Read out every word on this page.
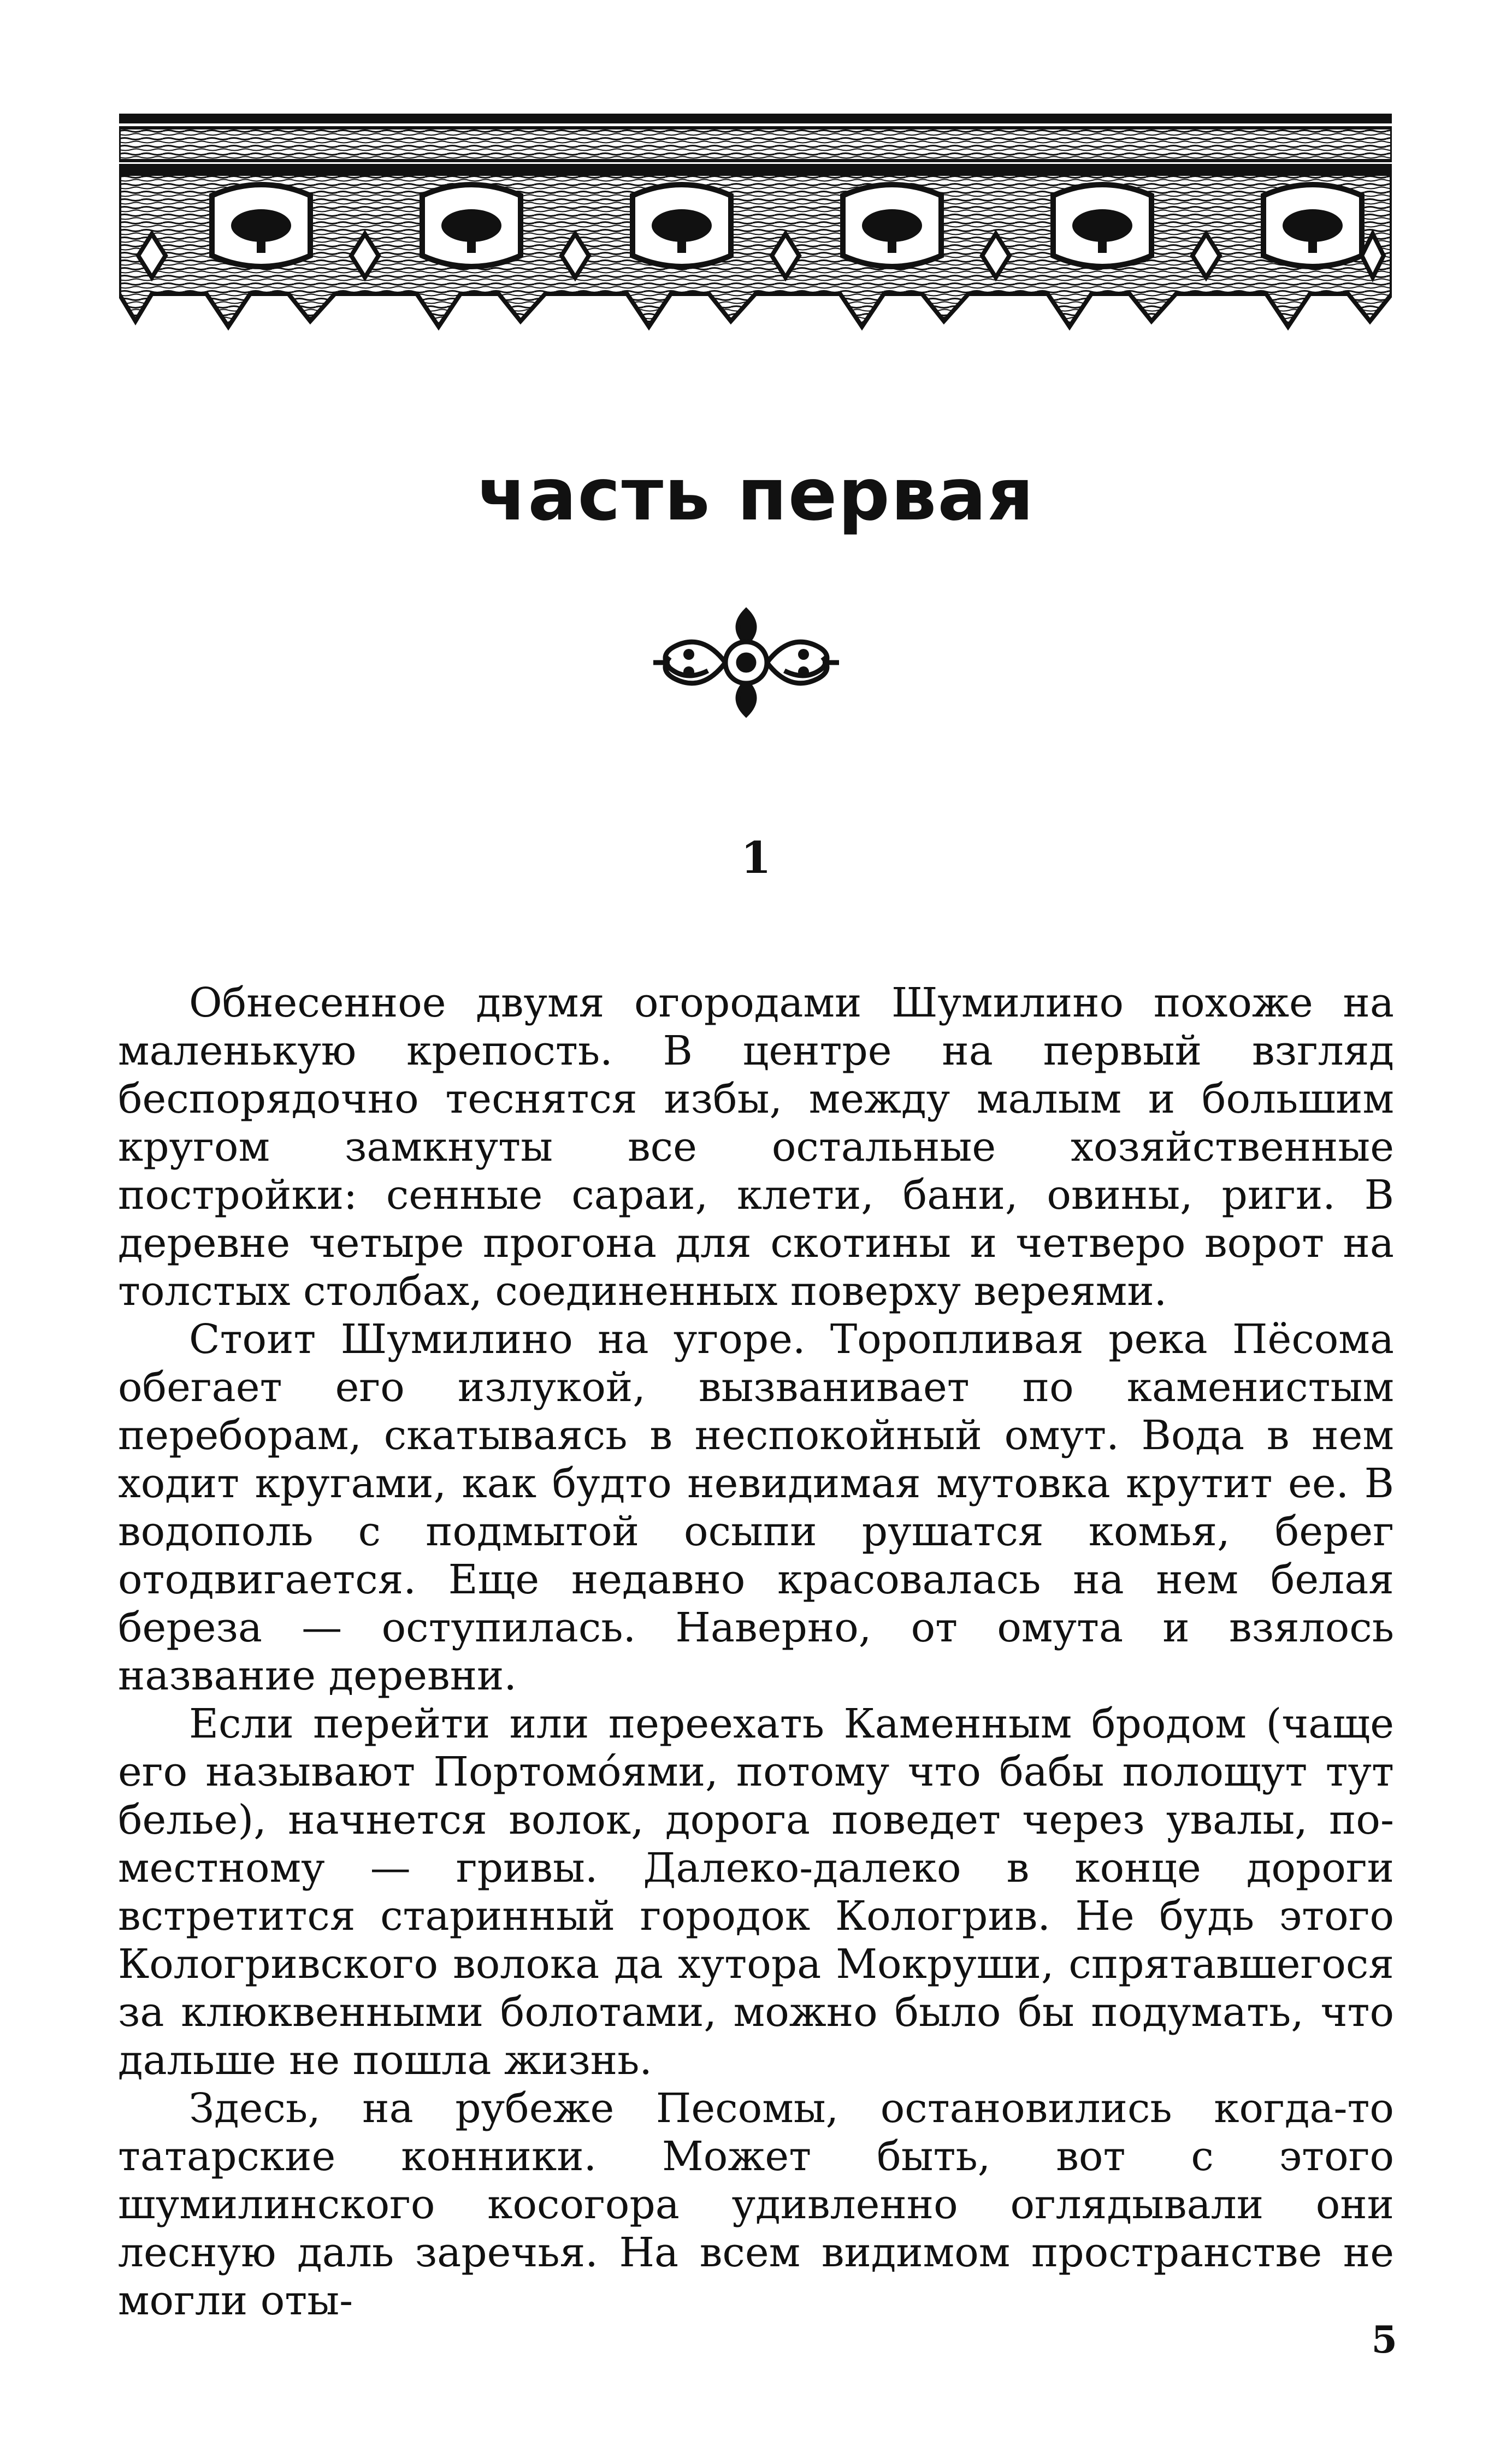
часть первая
1

Обнесенное двумя огородами Шумилино похоже на маленькую крепость. В центре на первый взгляд беспорядочно теснятся избы, между малым и большим кругом замкнуты все остальные хозяйственные постройки: сенные сараи, клети, бани, овины, риги. В деревне четыре прогона для скотины и четверо ворот на толстых столбах, соединенных поверху вереями.

Стоит Шумилино на угоре. Торопливая река Пёсома обегает его излукой, вызванивает по каменистым переборам, скатываясь в неспокойный омут. Вода в нем ходит кругами, как будто невидимая мутовка крутит ее. В водополь с подмытой осыпи рушатся комья, берег отодвигается. Еще недавно красовалась на нем белая береза — оступилась. Наверно, от омута и взялось название деревни.

Если перейти или переехать Каменным бродом (чаще его называют Портомо́ями, потому что бабы полощут тут белье), начнется волок, дорога поведет через увалы, по-местному — гривы. Далеко-далеко в конце дороги встретится старинный городок Кологрив. Не будь этого Кологривского волока да хутора Мокруши, спрятавшегося за клюквенными болотами, можно было бы подумать, что дальше не пошла жизнь.

Здесь, на рубеже Песомы, остановились когда-то татарские конники. Может быть, вот с этого шумилинского косогора удивленно оглядывали они лесную даль заречья. На всем видимом пространстве не могли оты-

5
